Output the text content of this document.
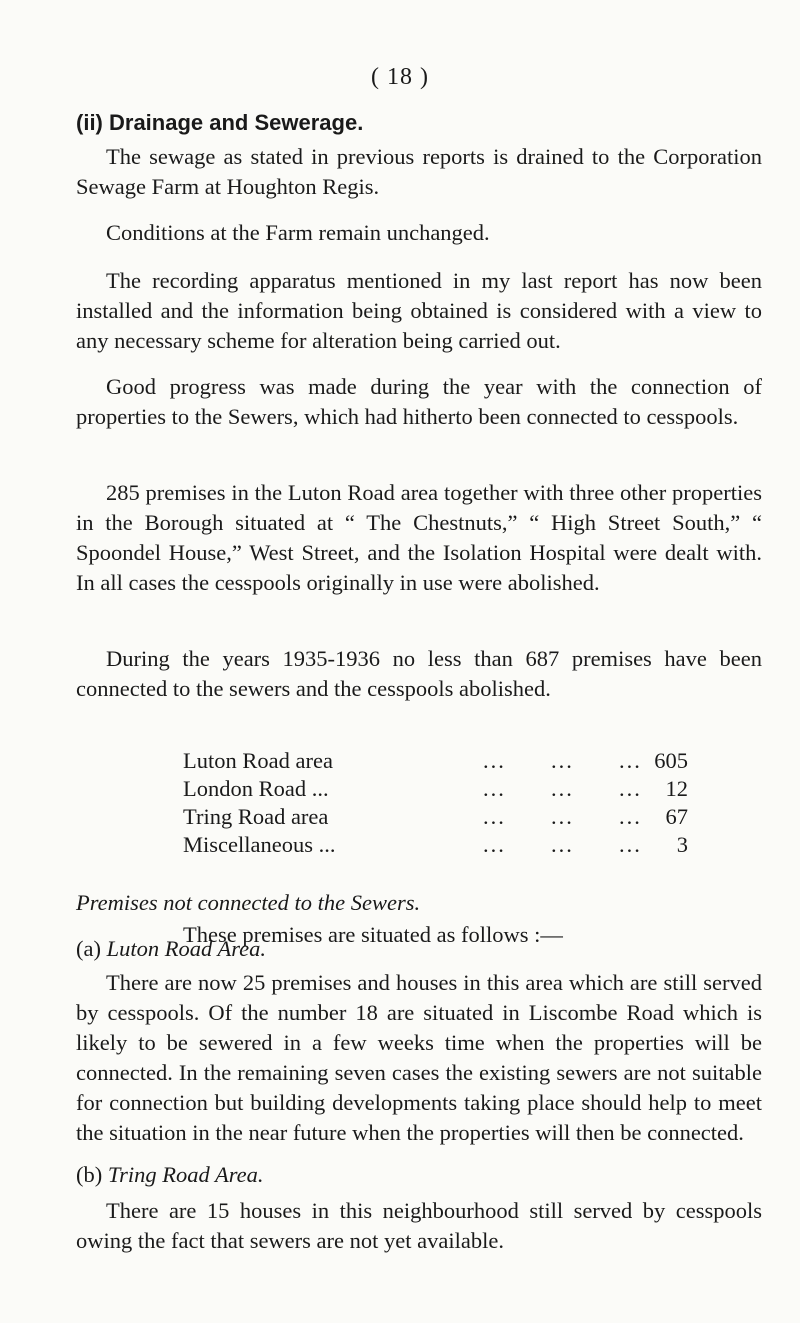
( 18 )
(ii) Drainage and Sewerage.

The sewage as stated in previous reports is drained to the Corporation Sewage Farm at Houghton Regis.

Conditions at the Farm remain unchanged.

The recording apparatus mentioned in my last report has now been installed and the information being obtained is considered with a view to any necessary scheme for alteration being carried out.

Good progress was made during the year with the connection of properties to the Sewers, which had hitherto been connected to cesspools.

285 premises in the Luton Road area together with three other properties in the Borough situated at “ The Chestnuts,” “ High Street South,” “ Spoondel House,” West Street, and the Isolation Hospital were dealt with. In all cases the cesspools originally in use were abolished.

During the years 1935-1936 no less than 687 premises have been connected to the sewers and the cesspools abolished.

These premises are situated as follows :—
Luton Road area	... ... ... 605
London Road ...	... ... ...	12
Tring Road area	... ... ...	67
Miscellaneous ...	... ... ...	3
Premises not connected to the Sewers.
(a) Luton Road Area.

There are now 25 premises and houses in this area which are still served by cesspools. Of the number 18 are situated in Liscombe Road which is likely to be sewered in a few weeks time when the properties will be connected. In the remaining seven cases the existing sewers are not suitable for connection but building developments taking place should help to meet the situation in the near future when the properties will then be connected.

(b) Tring Road Area.

There are 15 houses in this neighbourhood still served by cesspools owing the fact that sewers are not yet available.
